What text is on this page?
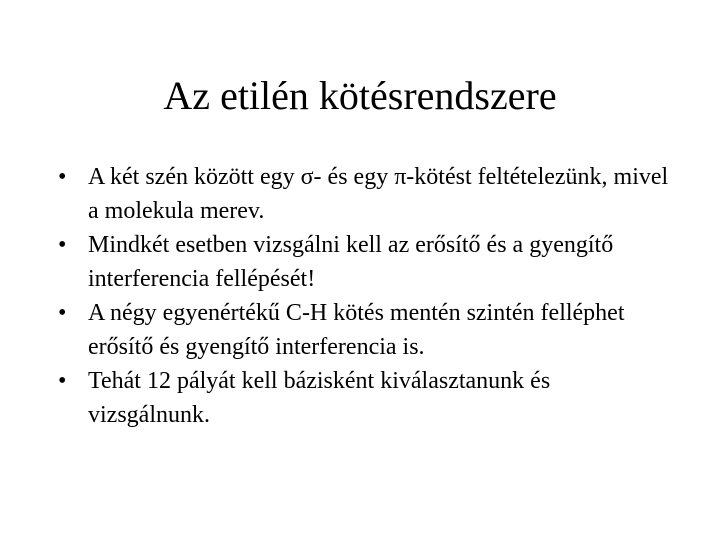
Az etilén kötésrendszere
• A két szén között egy σ- és egy π-kötést feltételezünk, mivel a molekula merev.
• Mindkét esetben vizsgálni kell az erősítő és a gyengítő interferencia fellépését!
• A négy egyenértékű C-H kötés mentén szintén felléphet erősítő és gyengítő interferencia is.
• Tehát 12 pályát kell bázisként kiválasztanunk és vizsgálnunk.
